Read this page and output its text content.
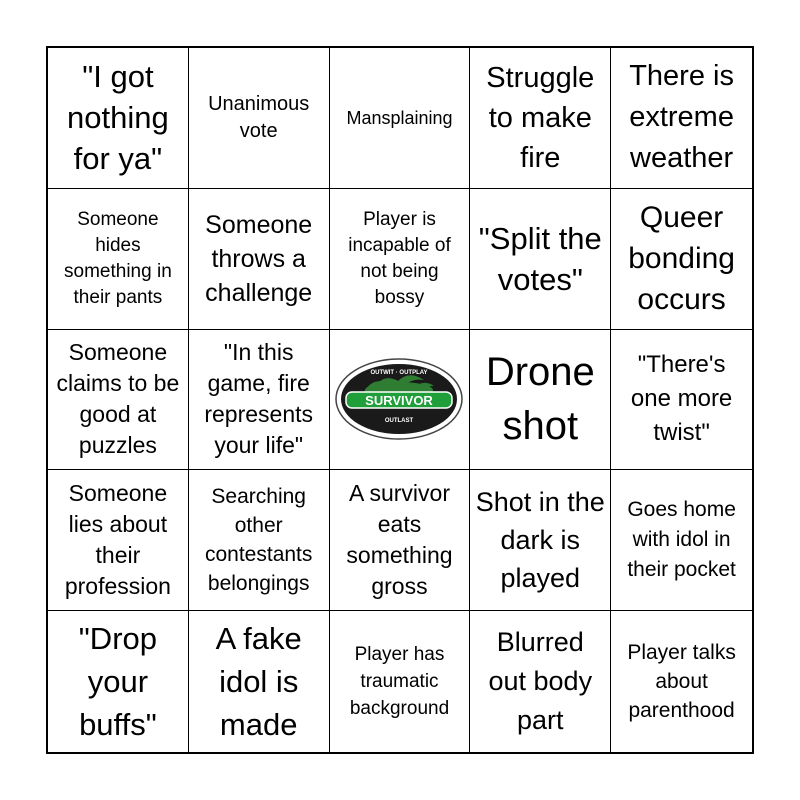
"I got nothing for ya"
Unanimous vote
Mansplaining
Struggle to make fire
There is extreme weather
Someone hides something in their pants
Someone throws a challenge
Player is incapable of not being bossy
"Split the votes"
Queer bonding occurs
Someone claims to be good at puzzles
"In this game, fire represents your life"
SURVIVOR
OUTWIT · OUTPLAY
OUTLAST
Drone shot
"There's one more twist"
Someone lies about their profession
Searching other contestants belongings
A survivor eats something gross
Shot in the dark is played
Goes home with idol in their pocket
"Drop your buffs"
A fake idol is made
Player has traumatic background
Blurred out body part
Player talks about parenthood
